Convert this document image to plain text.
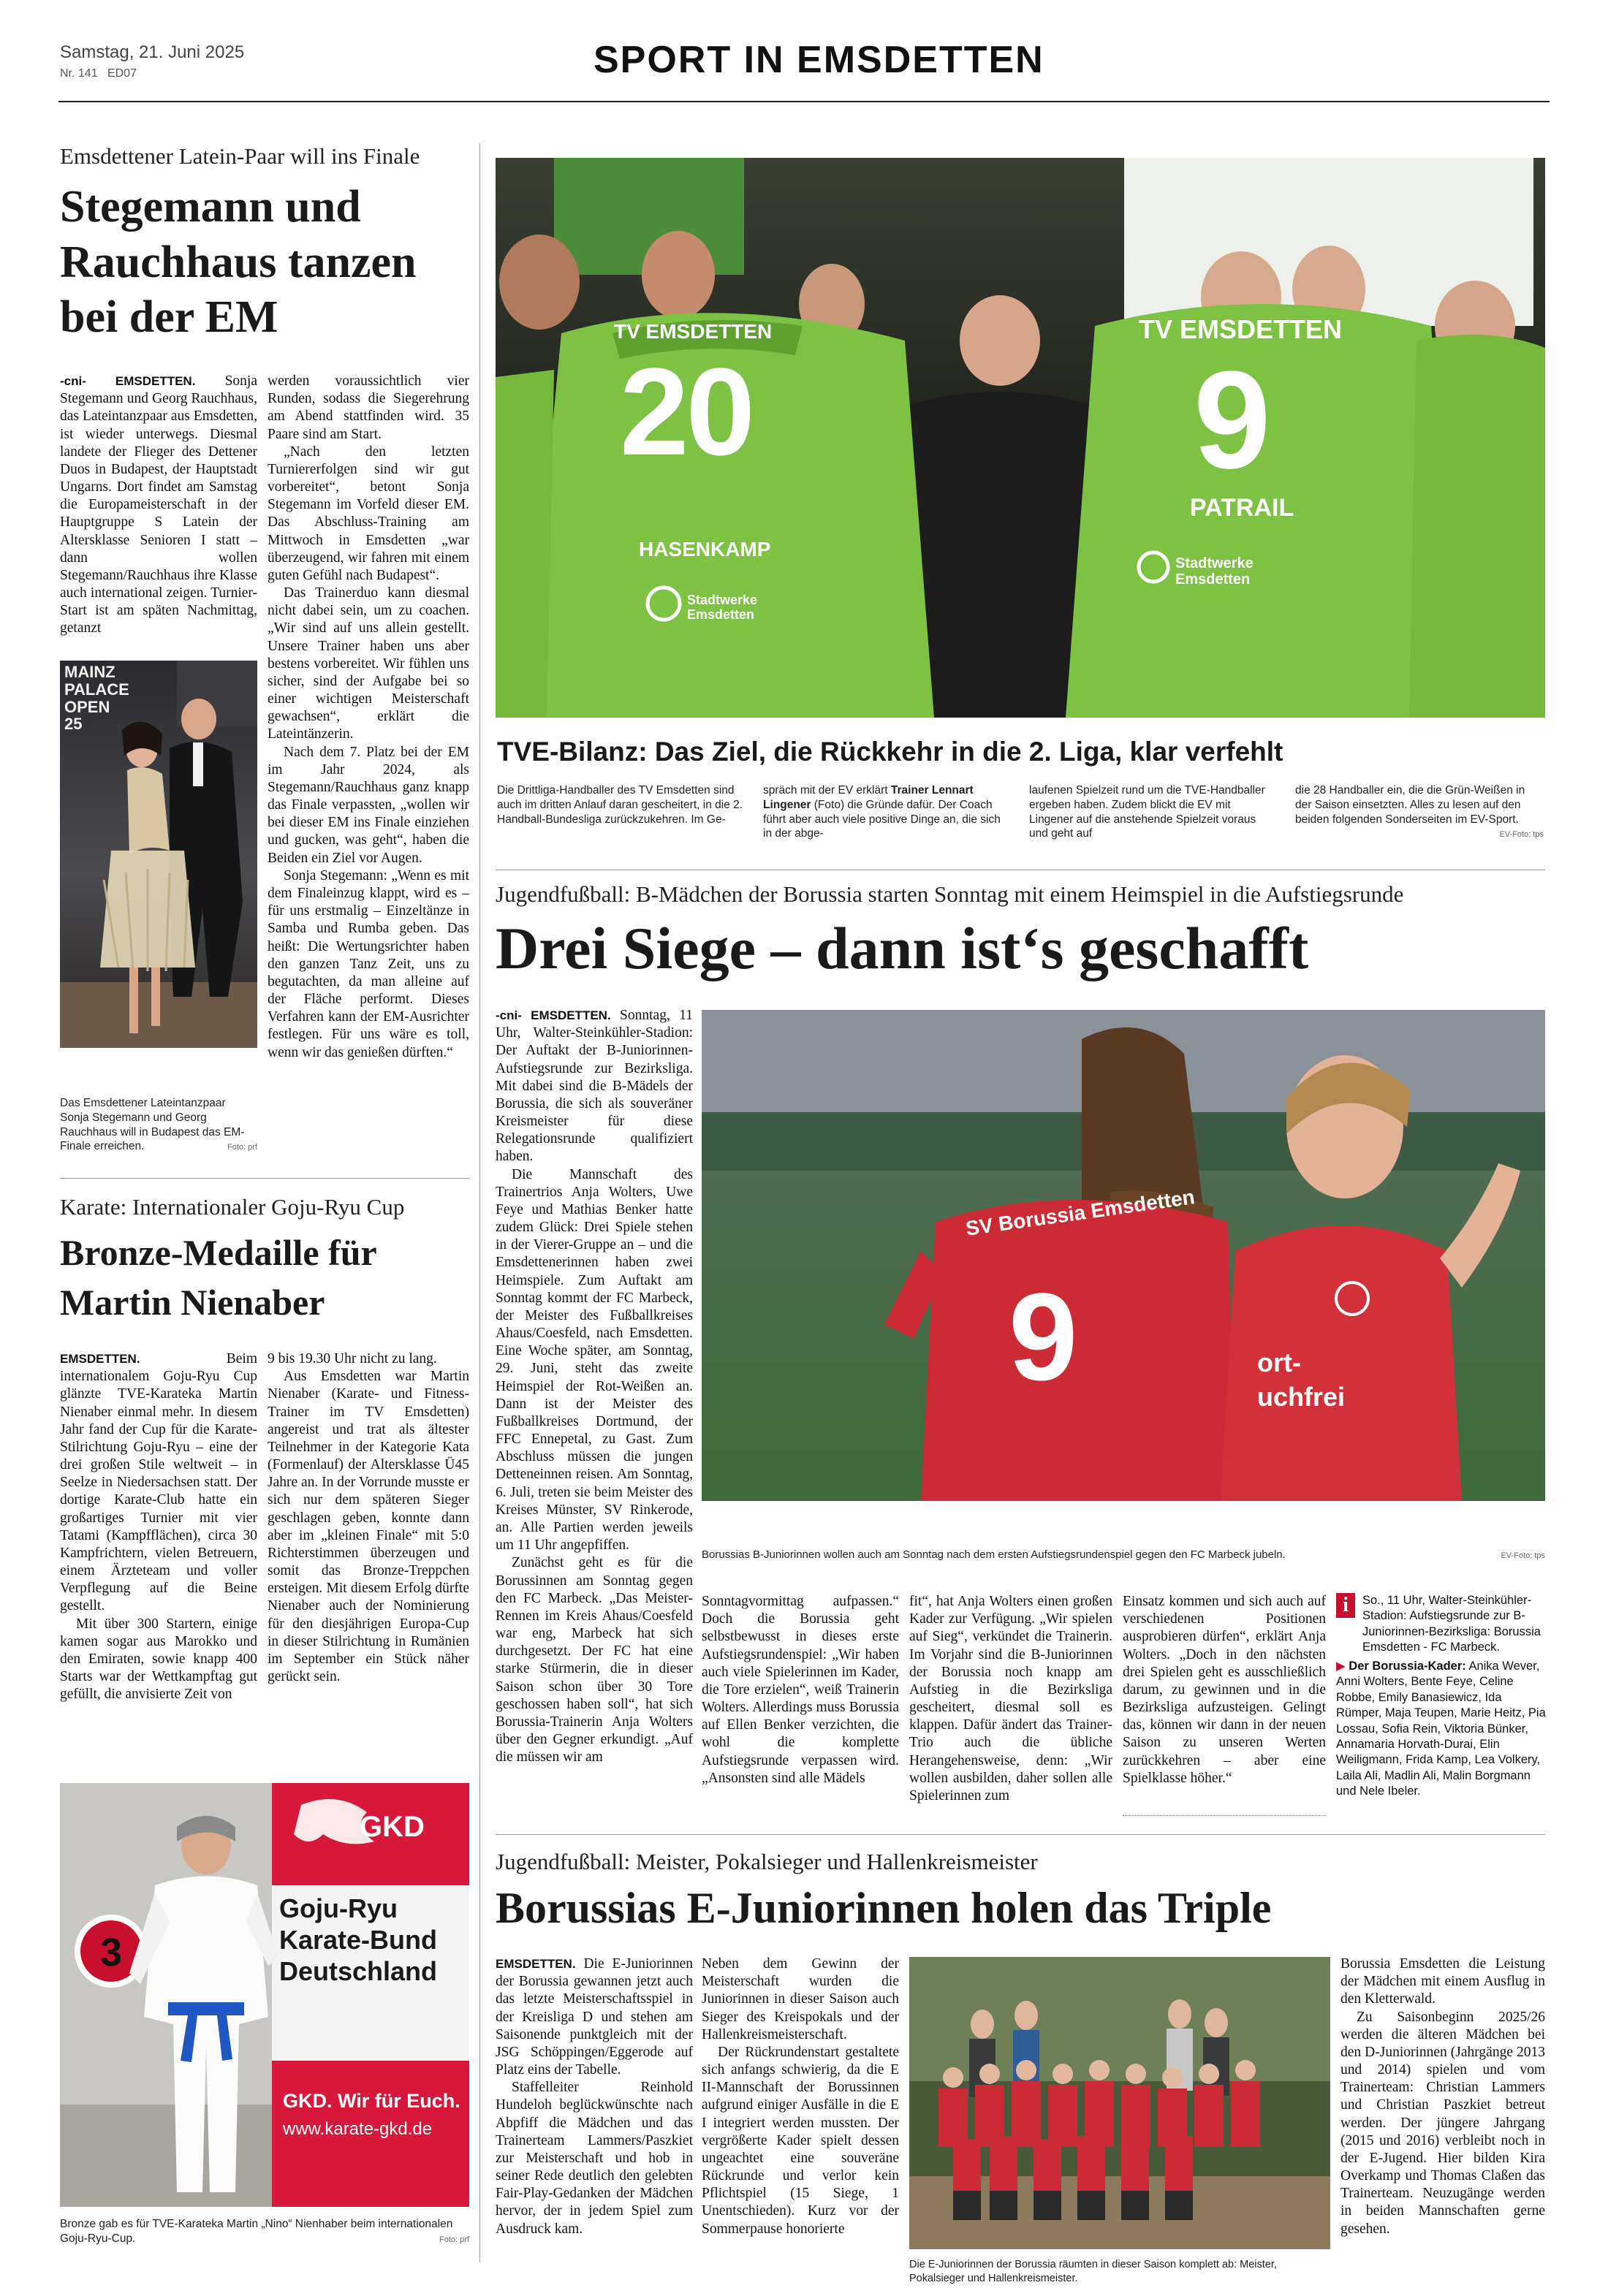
Samstag, 21. Juni 2025
Nr. 141 ED07	SPORT IN EMSDETTEN
Emsdettener Latein-Paar will ins Finale
Stegemann und Rauchhaus tanzen bei der EM

-cni- EMSDETTEN. Sonja Stegemann und Georg Rauchhaus, das Lateintanzpaar aus Emsdetten, ist wieder unterwegs. Diesmal landete der Flieger des Dettener Duos in Budapest, der Hauptstadt Ungarns. Dort findet am Samstag die Europameisterschaft in der Hauptgruppe S Latein der Altersklasse Senioren I statt – dann wollen Stegemann/Rauchhaus ihre Klasse auch international zeigen. Turnier-Start ist am späten Nachmittag, getanzt

werden voraussichtlich vier Runden, sodass die Siegerehrung am Abend stattfinden wird. 35 Paare sind am Start.

„Nach den letzten Turniererfolgen sind wir gut vorbereitet“, betont Sonja Stegemann im Vorfeld dieser EM. Das Abschluss-Training am Mittwoch in Emsdetten „war überzeugend, wir fahren mit einem guten Gefühl nach Budapest“.

Das Trainerduo kann diesmal nicht dabei sein, um zu coachen. „Wir sind auf uns allein gestellt. Unsere Trainer haben uns aber bestens vorbereitet. Wir fühlen uns sicher, sind der Aufgabe bei so einer wichtigen Meisterschaft gewachsen“, erklärt die Lateintänzerin.

Nach dem 7. Platz bei der EM im Jahr 2024, als Stegemann/Rauchhaus ganz knapp das Finale verpassten, „wollen wir bei dieser EM ins Finale einziehen und gucken, was geht“, haben die Beiden ein Ziel vor Augen.

Sonja Stegemann: „Wenn es mit dem Finaleinzug klappt, wird es – für uns erstmalig – Einzeltänze in Samba und Rumba geben. Das heißt: Die Wertungsrichter haben den ganzen Tanz Zeit, uns zu begutachten, da man alleine auf der Fläche performt. Dieses Verfahren kann der EM-Ausrichter festlegen. Für uns wäre es toll, wenn wir das genießen dürften.“

MAINZ
PALACE
OPEN
25
Das Emsdettener Lateintanzpaar Sonja Stegemann und Georg Rauchhaus will in Budapest das EM-Finale erreichen.	Foto: prf
Karate: Internationaler Goju-Ryu Cup
Bronze-Medaille für Martin Nienaber

EMSDETTEN.	Beim internationalem Goju-Ryu Cup glänzte TVE-Karateka Martin Nienaber einmal mehr. In diesem Jahr fand der Cup für die Karate-Stilrichtung Goju-Ryu – eine der drei großen Stile weltweit – in Seelze in Niedersachsen statt. Der dortige Karate-Club hatte ein großartiges Turnier mit vier Tatami (Kampfflächen), circa 30 Kampfrichtern, vielen Betreuern, einem Ärzteteam und voller Verpflegung auf die Beine gestellt.

Mit über 300 Startern, einige kamen sogar aus Marokko und den Emiraten, sowie knapp 400 Starts war der Wettkampftag gut gefüllt, die anvisierte Zeit von

9 bis 19.30 Uhr nicht zu lang.

Aus Emsdetten war Martin Nienaber (Karate- und Fitness-Trainer im TV Emsdetten) angereist und trat als ältester Teilnehmer in der Kategorie Kata (Formenlauf) der Altersklasse Ü45 Jahre an. In der Vorrunde musste er sich nur dem späteren Sieger geschlagen geben, konnte dann aber im „kleinen Finale“ mit 5:0 Richterstimmen überzeugen und somit das Bronze-Treppchen ersteigen. Mit diesem Erfolg dürfte Nienaber auch der Nominierung für den diesjährigen Europa-Cup in dieser Stilrichtung in Rumänien im September ein Stück näher gerückt sein.

3
GKD
Goju-Ryu
Karate-Bund
Deutschland
GKD. Wir für Euch.
www.karate-gkd.de
Bronze gab es für TVE-Karateka Martin „Nino“ Nienhaber beim internationalen Goju-Ryu-Cup.	Foto: prf
TV EMSDETTEN
20
HASENKAMP
Stadtwerke Emsdetten
TV EMSDETTEN
9
PATRAIL
Stadtwerke Emsdetten
TVE-Bilanz: Das Ziel, die Rückkehr in die 2. Liga, klar verfehlt
Die Drittliga-Handballer des TV Emsdetten sind auch im dritten Anlauf daran gescheitert, in die 2. Handball-Bundesliga zurückzukehren. Im Ge-
spräch mit der EV erklärt Trainer Lennart Lingener (Foto) die Gründe dafür. Der Coach führt aber auch viele positive Dinge an, die sich in der abge-
laufenen Spielzeit rund um die TVE-Handballer ergeben haben. Zudem blickt die EV mit Lingener auf die anstehende Spielzeit voraus und geht auf
die 28 Handballer ein, die die Grün-Weißen in der Saison einsetzten. Alles zu lesen auf den beiden folgenden Sonderseiten im EV-Sport.
EV-Foto: tps
Jugendfußball: B-Mädchen der Borussia starten Sonntag mit einem Heimspiel in die Aufstiegsrunde
Drei Siege – dann ist‘s geschafft

-cni- EMSDETTEN. Sonntag, 11 Uhr, Walter-Steinkühler-Stadion: Der Auftakt der B-Juniorinnen-Aufstiegsrunde zur Bezirksliga. Mit dabei sind die B-Mädels der Borussia, die sich als souveräner Kreismeister für diese Relegationsrunde qualifiziert haben.

Die Mannschaft des Trainertrios Anja Wolters, Uwe Feye und Mathias Benker hatte zudem Glück: Drei Spiele stehen in der Vierer-Gruppe an – und die Emsdettenerinnen haben zwei Heimspiele. Zum Auftakt am Sonntag kommt der FC Marbeck, der Meister des Fußballkreises Ahaus/Coesfeld, nach Emsdetten. Eine Woche später, am Sonntag, 29. Juni, steht das zweite Heimspiel der Rot-Weißen an. Dann ist der Meister des Fußballkreises Dortmund, der FFC Ennepetal, zu Gast. Zum Abschluss müssen die jungen Detteneinnen reisen. Am Sonntag, 6. Juli, treten sie beim Meister des Kreises Münster, SV Rinkerode, an. Alle Partien werden jeweils um 11 Uhr angepfiffen.

Zunächst geht es für die Borussinnen am Sonntag gegen den FC Marbeck. „Das Meister-Rennen im Kreis Ahaus/Coesfeld war eng, Marbeck hat sich durchgesetzt. Der FC hat eine starke Stürmerin, die in dieser Saison schon über 30 Tore geschossen haben soll“, hat sich Borussia-Trainerin Anja Wolters über den Gegner erkundigt. „Auf die müssen wir am

SV Borussia Emsdetten
9	ort-
uchfrei
Borussias B-Juniorinnen wollen auch am Sonntag nach dem ersten Aufstiegsrundenspiel gegen den FC Marbeck jubeln.	EV-Foto: tps
Sonntagvormittag aufpassen.“ Doch die Borussia geht selbstbewusst in dieses erste Aufstiegsrundenspiel: „Wir haben auch viele Spielerinnen im Kader, die Tore erzielen“, weiß Trainerin Wolters. Allerdings muss Borussia auf Ellen Benker verzichten, die wohl die komplette Aufstiegsrunde verpassen wird. „Ansonsten sind alle Mädels
fit“, hat Anja Wolters einen großen Kader zur Verfügung. „Wir spielen auf Sieg“, verkündet die Trainerin. Im Vorjahr sind die B-Juniorinnen der Borussia noch knapp am Aufstieg in die Bezirksliga gescheitert, diesmal soll es klappen. Dafür ändert das Trainer-Trio auch die übliche Herangehensweise, denn: „Wir wollen ausbilden, daher sollen alle Spielerinnen zum
Einsatz kommen und sich auch auf verschiedenen Positionen ausprobieren dürfen“, erklärt Anja Wolters. „Doch in den nächsten drei Spielen geht es ausschließlich darum, zu gewinnen und in die Bezirksliga aufzusteigen. Gelingt das, können wir dann in der neuen Saison zu unseren Werten zurückkehren – aber eine Spielklasse höher.“
i	So., 11 Uhr, Walter-Steinkühler-Stadion: Aufstiegsrunde zur B-Juniorinnen-Bezirksliga: Borussia Emsdetten - FC Marbeck.
▶ Der Borussia-Kader: Anika Wever, Anni Wolters, Bente Feye, Celine Robbe, Emily Banasiewicz, Ida Rümper, Maja Teupen, Marie Heitz, Pia Lossau, Sofia Rein, Viktoria Bünker, Annamaria Horvath-Durai, Elin Weiligmann, Frida Kamp, Lea Volkery, Laila Ali, Madlin Ali, Malin Borgmann und Nele Ibeler.
Jugendfußball: Meister, Pokalsieger und Hallenkreismeister
Borussias E-Juniorinnen holen das Triple

EMSDETTEN. Die E-Juniorinnen der Borussia gewannen jetzt auch das letzte Meisterschaftsspiel in der Kreisliga D und stehen am Saisonende punktgleich mit der JSG Schöppingen/Eggerode auf Platz eins der Tabelle.

Staffelleiter Reinhold Hundeloh beglückwünschte nach Abpfiff die Mädchen und das Trainerteam Lammers/Paszkiet zur Meisterschaft und hob in seiner Rede deutlich den gelebten Fair-Play-Gedanken der Mädchen hervor, der in jedem Spiel zum Ausdruck kam.

Neben dem Gewinn der Meisterschaft wurden die Juniorinnen in dieser Saison auch Sieger des Kreispokals und der Hallenkreismeisterschaft.

Der Rückrundenstart gestaltete sich anfangs schwierig, da die E II-Mannschaft der Borussinnen aufgrund einiger Ausfälle in die E I integriert werden mussten. Der vergrößerte Kader spielt dessen ungeachtet eine souveräne Rückrunde und verlor kein Pflichtspiel (15 Siege, 1 Unentschieden). Kurz vor der Sommerpause honorierte

Die E-Juniorinnen der Borussia räumten in dieser Saison komplett ab: Meister, Pokalsieger und Hallenkreismeister.

Borussia Emsdetten die Leistung der Mädchen mit einem Ausflug in den Kletterwald.

Zu Saisonbeginn 2025/26 werden die älteren Mädchen bei den D-Juniorinnen (Jahrgänge 2013 und 2014) spielen und vom Trainerteam: Christian Lammers und Christian Paszkiet betreut werden. Der jüngere Jahrgang (2015 und 2016) verbleibt noch in der E-Jugend. Hier bilden Kira Overkamp und Thomas Claßen das Trainerteam. Neuzugänge werden in beiden Mannschaften gerne gesehen.
